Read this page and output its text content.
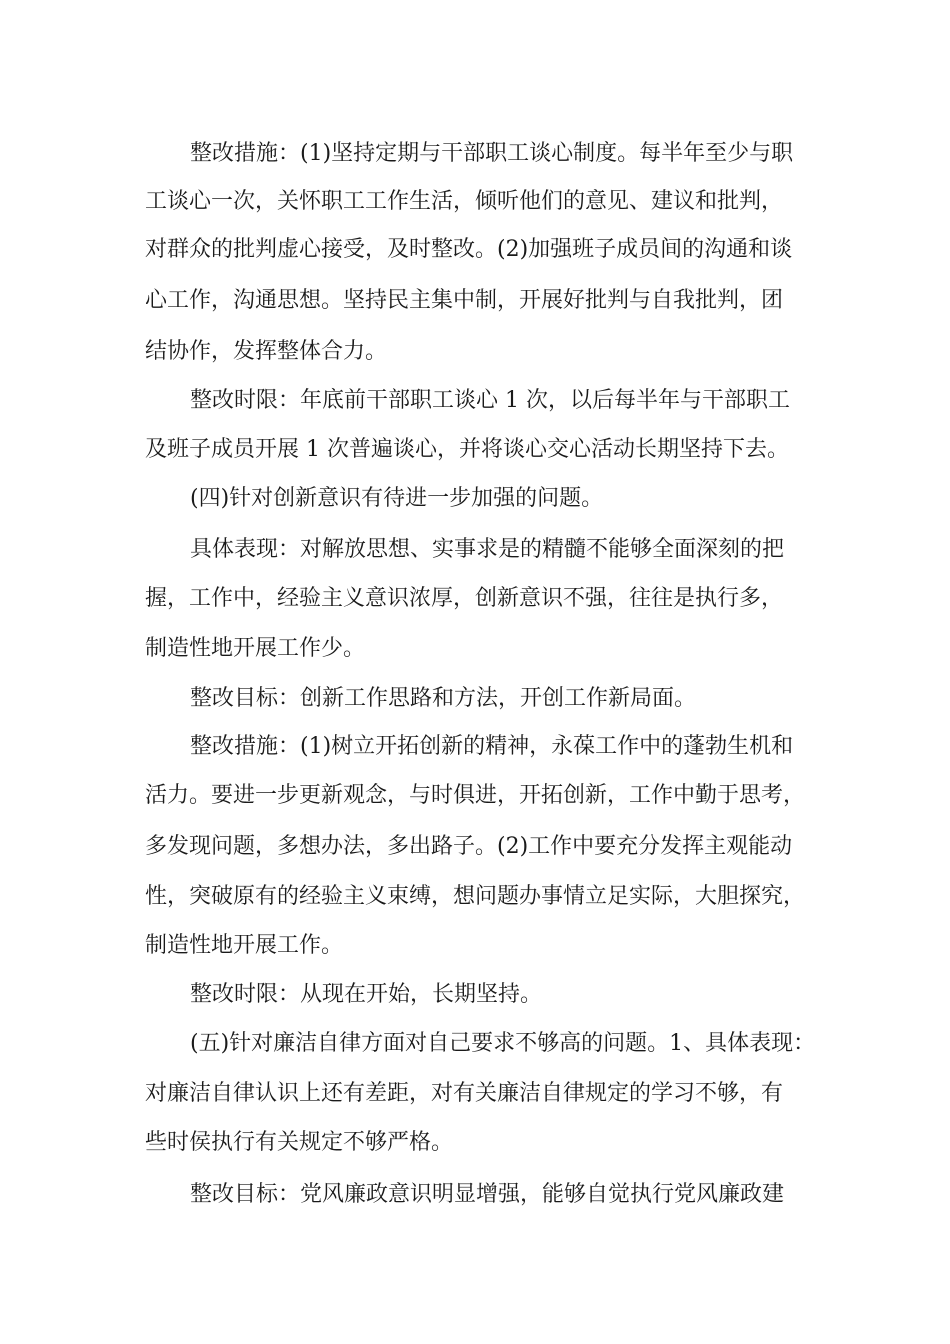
整改措施：(1)坚持定期与干部职工谈心制度。每半年至少与职
工谈心一次，关怀职工工作生活，倾听他们的意见、建议和批判，
对群众的批判虚心接受，及时整改。(2)加强班子成员间的沟通和谈
心工作，沟通思想。坚持民主集中制，开展好批判与自我批判，团
结协作，发挥整体合力。
整改时限：年底前干部职工谈心 1 次，以后每半年与干部职工
及班子成员开展 1 次普遍谈心，并将谈心交心活动长期坚持下去。
(四)针对创新意识有待进一步加强的问题。
具体表现：对解放思想、实事求是的精髓不能够全面深刻的把
握，工作中，经验主义意识浓厚，创新意识不强，往往是执行多，
制造性地开展工作少。
整改目标：创新工作思路和方法，开创工作新局面。
整改措施：(1)树立开拓创新的精神，永葆工作中的蓬勃生机和
活力。要进一步更新观念，与时俱进，开拓创新，工作中勤于思考，
多发现问题，多想办法，多出路子。(2)工作中要充分发挥主观能动
性，突破原有的经验主义束缚，想问题办事情立足实际，大胆探究，
制造性地开展工作。
整改时限：从现在开始，长期坚持。
(五)针对廉洁自律方面对自己要求不够高的问题。1、具体表现：
对廉洁自律认识上还有差距，对有关廉洁自律规定的学习不够，有
些时侯执行有关规定不够严格。
整改目标：党风廉政意识明显增强，能够自觉执行党风廉政建
